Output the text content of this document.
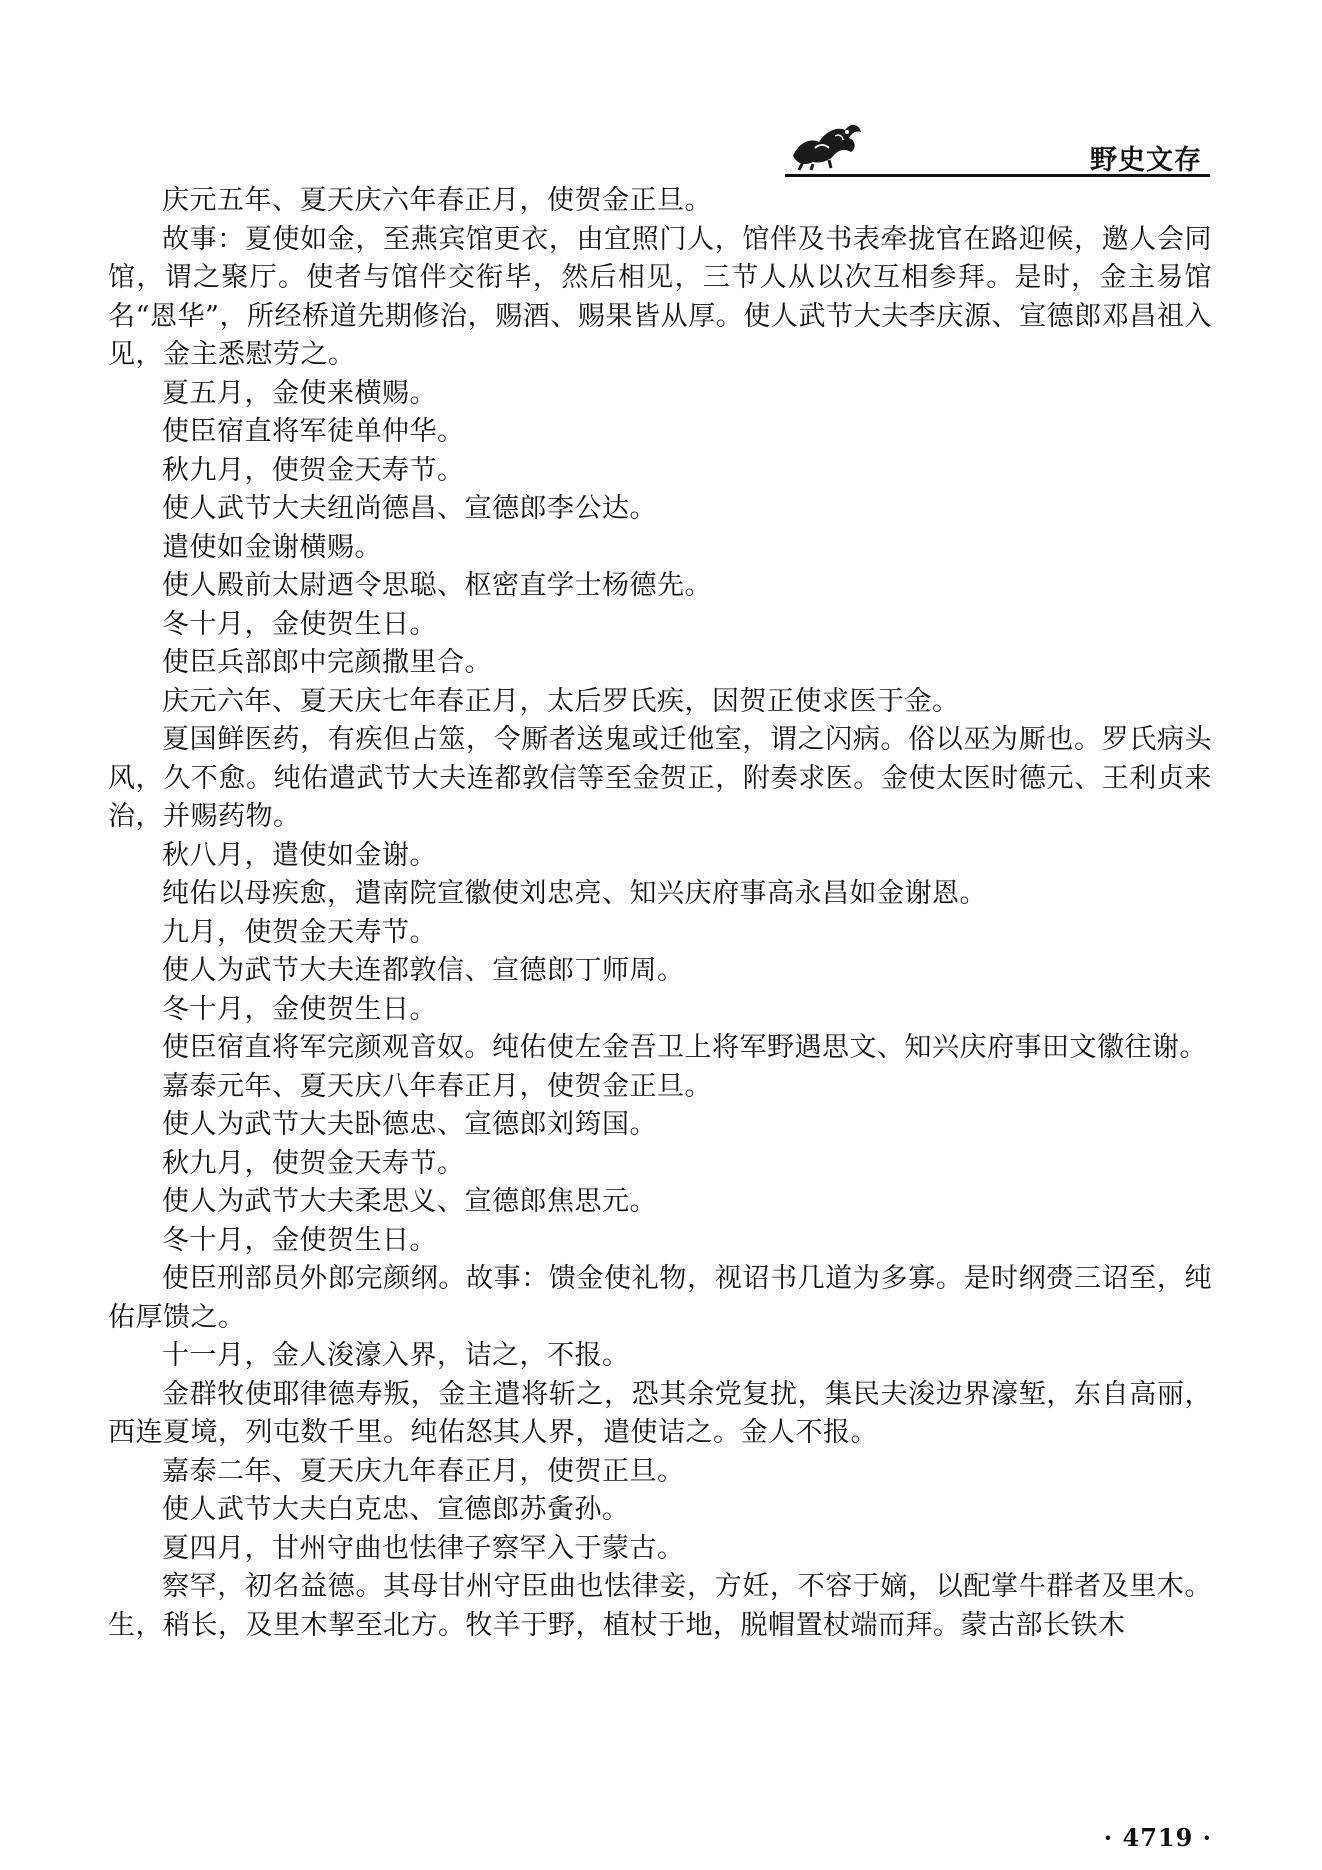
野史文存

庆元五年、夏天庆六年春正月，使贺金正旦。

故事：夏使如金，至燕宾馆更衣，由宜照门人，馆伴及书表牵拢官在路迎候，邀人会同馆，谓之聚厅。使者与馆伴交衔毕，然后相见，三节人从以次互相参拜。是时，金主易馆名“恩华”，所经桥道先期修治，赐酒、赐果皆从厚。使人武节大夫李庆源、宣德郎邓昌祖入见，金主悉慰劳之。

夏五月，金使来横赐。

使臣宿直将军徒单仲华。

秋九月，使贺金天寿节。

使人武节大夫纽尚德昌、宣德郎李公达。

遣使如金谢横赐。

使人殿前太尉迺令思聪、枢密直学士杨德先。

冬十月，金使贺生日。

使臣兵部郎中完颜撒里合。

庆元六年、夏天庆七年春正月，太后罗氏疾，因贺正使求医于金。

夏国鲜医药，有疾但占筮，令厮者送鬼或迁他室，谓之闪病。俗以巫为厮也。罗氏病头风，久不愈。纯佑遣武节大夫连都敦信等至金贺正，附奏求医。金使太医时德元、王利贞来治，并赐药物。

秋八月，遣使如金谢。

纯佑以母疾愈，遣南院宣徽使刘忠亮、知兴庆府事高永昌如金谢恩。

九月，使贺金天寿节。

使人为武节大夫连都敦信、宣德郎丁师周。

冬十月，金使贺生日。

使臣宿直将军完颜观音奴。纯佑使左金吾卫上将军野遇思文、知兴庆府事田文徽往谢。

嘉泰元年、夏天庆八年春正月，使贺金正旦。

使人为武节大夫卧德忠、宣德郎刘筠国。

秋九月，使贺金天寿节。

使人为武节大夫柔思义、宣德郎焦思元。

冬十月，金使贺生日。

使臣刑部员外郎完颜纲。故事：馈金使礼物，视诏书几道为多寡。是时纲赍三诏至，纯佑厚馈之。

十一月，金人浚濠入界，诘之，不报。

金群牧使耶律德寿叛，金主遣将斩之，恐其余党复扰，集民夫浚边界濠堑，东自高丽，西连夏境，列屯数千里。纯佑怒其人界，遣使诘之。金人不报。

嘉泰二年、夏天庆九年春正月，使贺正旦。

使人武节大夫白克忠、宣德郎苏夤孙。

夏四月，甘州守曲也怯律子察罕入于蒙古。

察罕，初名益德。其母甘州守臣曲也怯律妾，方妊，不容于嫡，以配掌牛群者及里木。生，稍长，及里木挈至北方。牧羊于野，植杖于地，脱帽置杖端而拜。蒙古部长铁木

· 4719 ·
